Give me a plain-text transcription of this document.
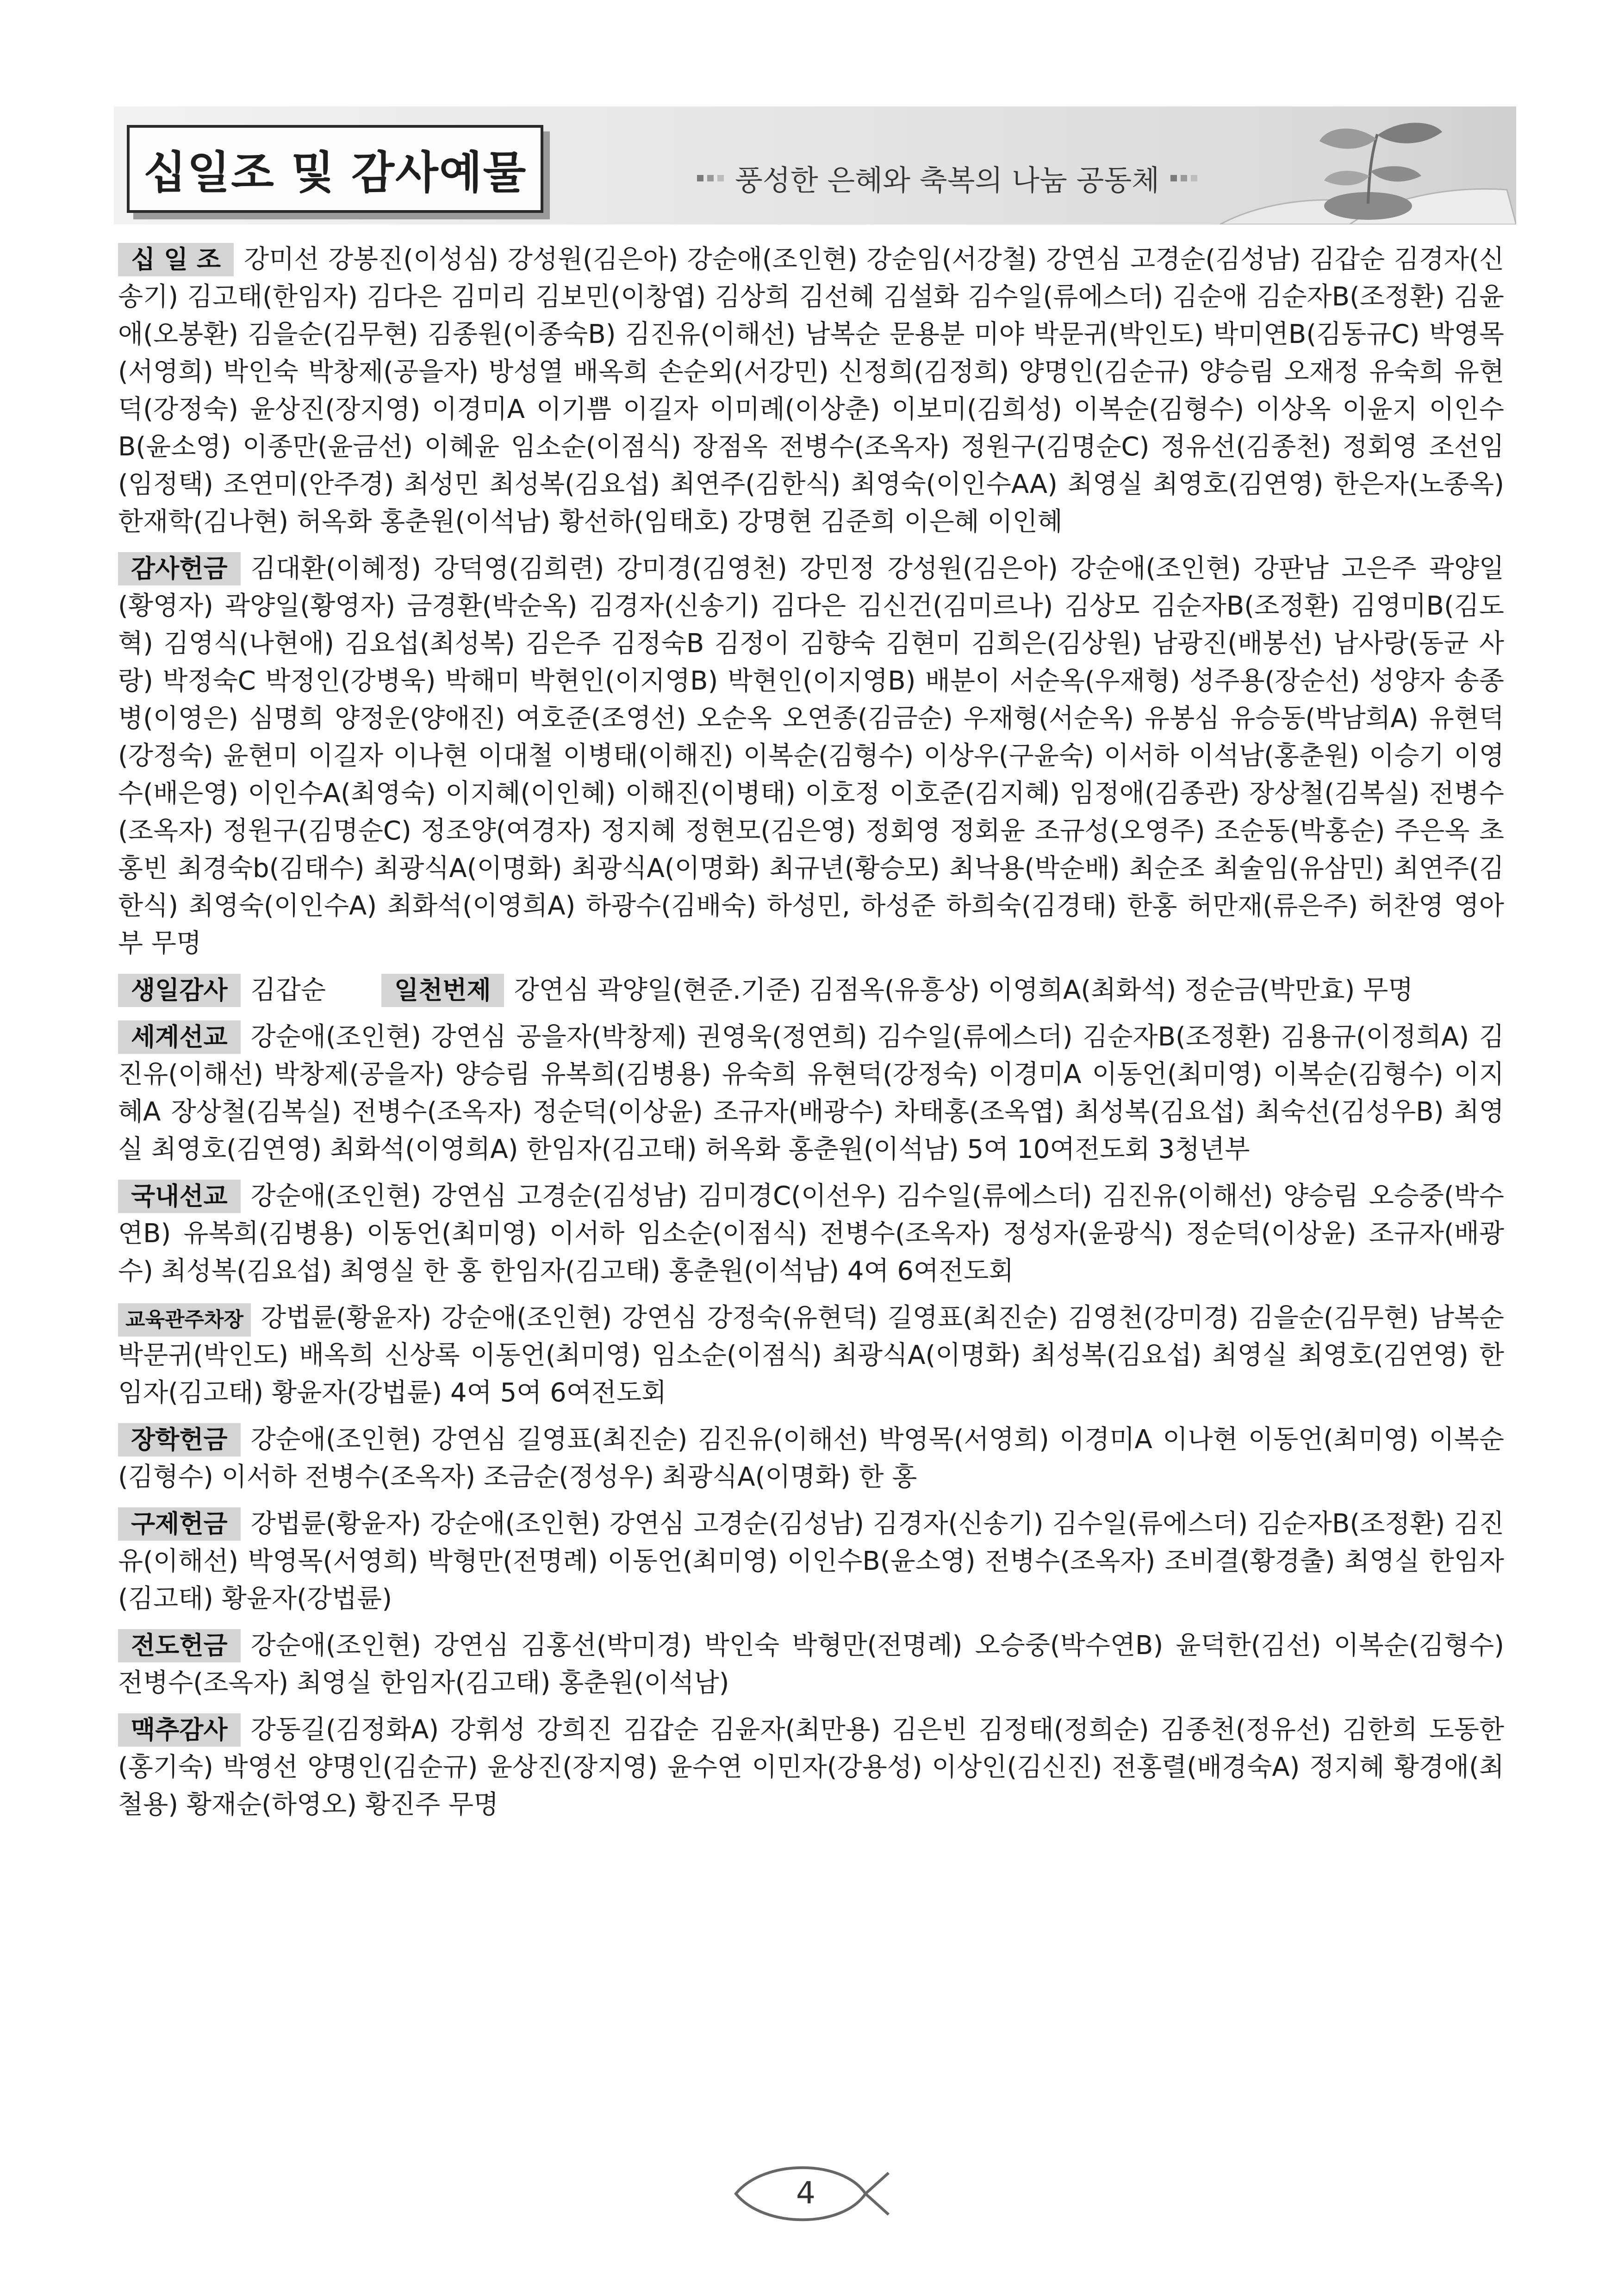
십일조 및 감사예물	풍성한 은혜와 축복의 나눔 공동체
십 일 조 강미선 강봉진(이성심) 강성원(김은아) 강순애(조인현) 강순임(서강철) 강연심 고경순(김성남) 김갑순 김경자(신송기) 김고태(한임자) 김다은 김미리 김보민(이창엽) 김상희 김선혜 김설화 김수일(류에스더) 김순애 김순자B(조정환) 김윤애(오봉환) 김을순(김무현) 김종원(이종숙B) 김진유(이해선) 남복순 문용분 미야 박문귀(박인도) 박미연B(김동규C) 박영목(서영희) 박인숙 박창제(공을자) 방성열 배옥희 손순외(서강민) 신정희(김정희) 양명인(김순규) 양승림 오재정 유숙희 유현덕(강정숙) 윤상진(장지영) 이경미A 이기쁨 이길자 이미례(이상춘) 이보미(김희성) 이복순(김형수) 이상옥 이윤지 이인수B(윤소영) 이종만(윤금선) 이혜윤 임소순(이점식) 장점옥 전병수(조옥자) 정원구(김명순C) 정유선(김종천) 정회영 조선임(임정택) 조연미(안주경) 최성민 최성복(김요섭) 최연주(김한식) 최영숙(이인수AA) 최영실 최영호(김연영) 한은자(노종옥) 한재학(김나현) 허옥화 홍춘원(이석남) 황선하(임태호) 강명현 김준희 이은혜 이인혜
감사헌금 김대환(이혜정) 강덕영(김희련) 강미경(김영천) 강민정 강성원(김은아) 강순애(조인현) 강판남 고은주 곽양일(황영자) 곽양일(황영자) 금경환(박순옥) 김경자(신송기) 김다은 김신건(김미르나) 김상모 김순자B(조정환) 김영미B(김도혁) 김영식(나현애) 김요섭(최성복) 김은주 김정숙B 김정이 김향숙 김현미 김희은(김상원) 남광진(배봉선) 남사랑(동균 사랑) 박정숙C 박정인(강병욱) 박해미 박현인(이지영B) 박현인(이지영B) 배분이 서순옥(우재형) 성주용(장순선) 성양자 송종병(이영은) 심명희 양정운(양애진) 여호준(조영선) 오순옥 오연종(김금순) 우재형(서순옥) 유봉심 유승동(박남희A) 유현덕(강정숙) 윤현미 이길자 이나현 이대철 이병태(이해진) 이복순(김형수) 이상우(구윤숙) 이서하 이석남(홍춘원) 이승기 이영수(배은영) 이인수A(최영숙) 이지혜(이인혜) 이해진(이병태) 이호정 이호준(김지혜) 임정애(김종관) 장상철(김복실) 전병수(조옥자) 정원구(김명순C) 정조양(여경자) 정지혜 정현모(김은영) 정회영 정회윤 조규성(오영주) 조순동(박홍순) 주은옥 초홍빈 최경숙b(김태수) 최광식A(이명화) 최광식A(이명화) 최규년(황승모) 최낙용(박순배) 최순조 최술임(유삼민) 최연주(김한식) 최영숙(이인수A) 최화석(이영희A) 하광수(김배숙) 하성민, 하성준 하희숙(김경태) 한홍 허만재(류은주) 허찬영 영아부 무명
생일감사 김갑순	일천번제 강연심 곽양일(현준.기준) 김점옥(유흥상) 이영희A(최화석) 정순금(박만효) 무명
세계선교 강순애(조인현) 강연심 공을자(박창제) 권영욱(정연희) 김수일(류에스더) 김순자B(조정환) 김용규(이정희A) 김진유(이해선) 박창제(공을자) 양승림 유복희(김병용) 유숙희 유현덕(강정숙) 이경미A 이동언(최미영) 이복순(김형수) 이지혜A 장상철(김복실) 전병수(조옥자) 정순덕(이상윤) 조규자(배광수) 차태홍(조옥엽) 최성복(김요섭) 최숙선(김성우B) 최영실 최영호(김연영) 최화석(이영희A) 한임자(김고태) 허옥화 홍춘원(이석남) 5여 10여전도회 3청년부
국내선교 강순애(조인현) 강연심 고경순(김성남) 김미경C(이선우) 김수일(류에스더) 김진유(이해선) 양승림 오승중(박수연B) 유복희(김병용) 이동언(최미영) 이서하 임소순(이점식) 전병수(조옥자) 정성자(윤광식) 정순덕(이상윤) 조규자(배광수) 최성복(김요섭) 최영실 한 홍 한임자(김고태) 홍춘원(이석남) 4여 6여전도회
교육관주차장 강법륜(황윤자) 강순애(조인현) 강연심 강정숙(유현덕) 길영표(최진순) 김영천(강미경) 김을순(김무현) 남복순 박문귀(박인도) 배옥희 신상록 이동언(최미영) 임소순(이점식) 최광식A(이명화) 최성복(김요섭) 최영실 최영호(김연영) 한임자(김고태) 황윤자(강법륜) 4여 5여 6여전도회
장학헌금 강순애(조인현) 강연심 길영표(최진순) 김진유(이해선) 박영목(서영희) 이경미A 이나현 이동언(최미영) 이복순(김형수) 이서하 전병수(조옥자) 조금순(정성우) 최광식A(이명화) 한 홍
구제헌금 강법륜(황윤자) 강순애(조인현) 강연심 고경순(김성남) 김경자(신송기) 김수일(류에스더) 김순자B(조정환) 김진유(이해선) 박영목(서영희) 박형만(전명례) 이동언(최미영) 이인수B(윤소영) 전병수(조옥자) 조비결(황경출) 최영실 한임자(김고태) 황윤자(강법륜)
전도헌금 강순애(조인현) 강연심 김홍선(박미경) 박인숙 박형만(전명례) 오승중(박수연B) 윤덕한(김선) 이복순(김형수) 전병수(조옥자) 최영실 한임자(김고태) 홍춘원(이석남)
맥추감사 강동길(김정화A) 강휘성 강희진 김갑순 김윤자(최만용) 김은빈 김정태(정희순) 김종천(정유선) 김한희 도동한(홍기숙) 박영선 양명인(김순규) 윤상진(장지영) 윤수연 이민자(강용성) 이상인(김신진) 전홍렬(배경숙A) 정지혜 황경애(최철용) 황재순(하영오) 황진주 무명
4
